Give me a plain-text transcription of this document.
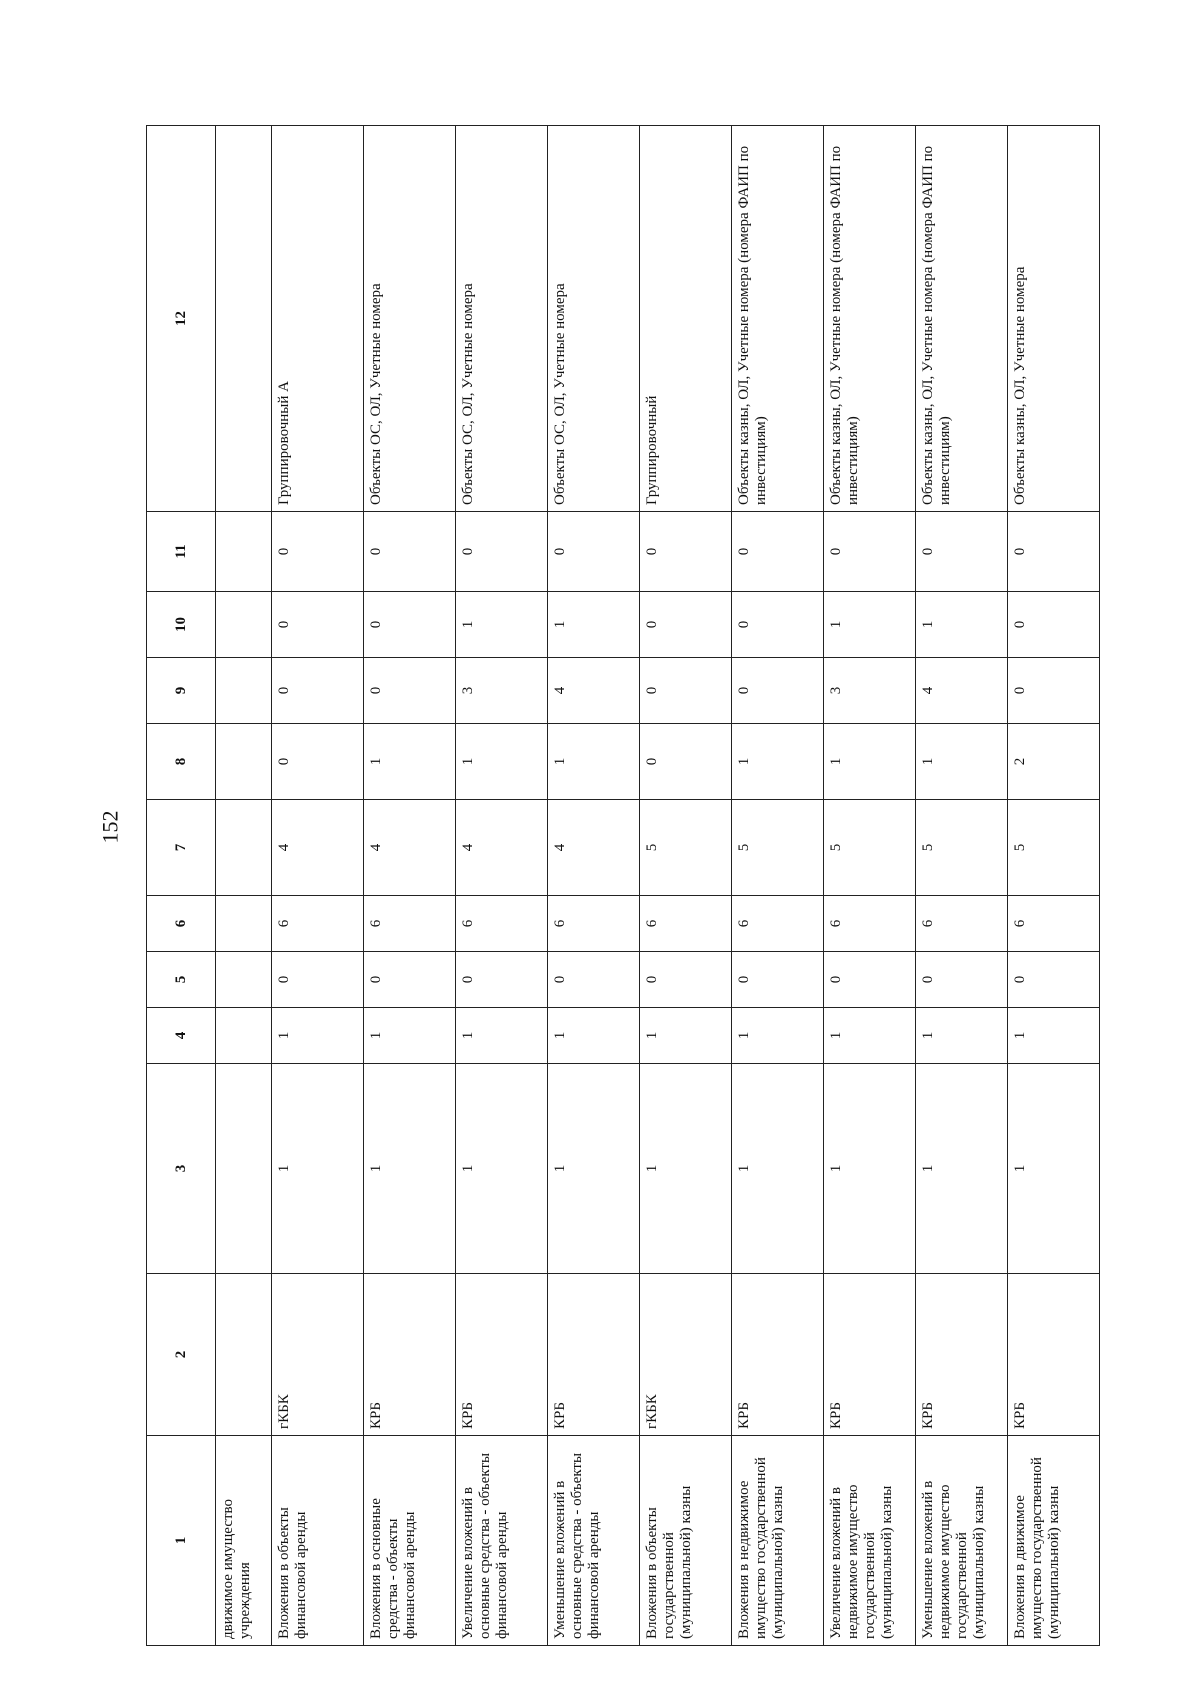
152
1	2	3	4	5	6	7	8	9	10	11	12
движимое имущество учреждения											
Вложения в объекты финансовой аренды	гКБК	1	1	0	6	4	0	0	0	0	Группировочный А
Вложения в основные средства - объекты финансовой аренды	КРБ	1	1	0	6	4	1	0	0	0	Объекты ОС, ОЛ, Учетные номера
Увеличение вложений в основные средства - объекты финансовой аренды	КРБ	1	1	0	6	4	1	3	1	0	Объекты ОС, ОЛ, Учетные номера
Уменьшение вложений в основные средства - объекты финансовой аренды	КРБ	1	1	0	6	4	1	4	1	0	Объекты ОС, ОЛ, Учетные номера
Вложения в объекты государственной (муниципальной) казны	гКБК	1	1	0	6	5	0	0	0	0	Группировочный
Вложения в недвижимое имущество государственной (муниципальной) казны	КРБ	1	1	0	6	5	1	0	0	0	Объекты казны, ОЛ, Учетные номера (номера ФАИП по инвестициям)
Увеличение вложений в недвижимое имущество государственной (муниципальной) казны	КРБ	1	1	0	6	5	1	3	1	0	Объекты казны, ОЛ, Учетные номера (номера ФАИП по инвестициям)
Уменьшение вложений в недвижимое имущество государственной (муниципальной) казны	КРБ	1	1	0	6	5	1	4	1	0	Объекты казны, ОЛ, Учетные номера (номера ФАИП по инвестициям)
Вложения в движимое имущество государственной (муниципальной) казны	КРБ	1	1	0	6	5	2	0	0	0	Объекты казны, ОЛ, Учетные номера
